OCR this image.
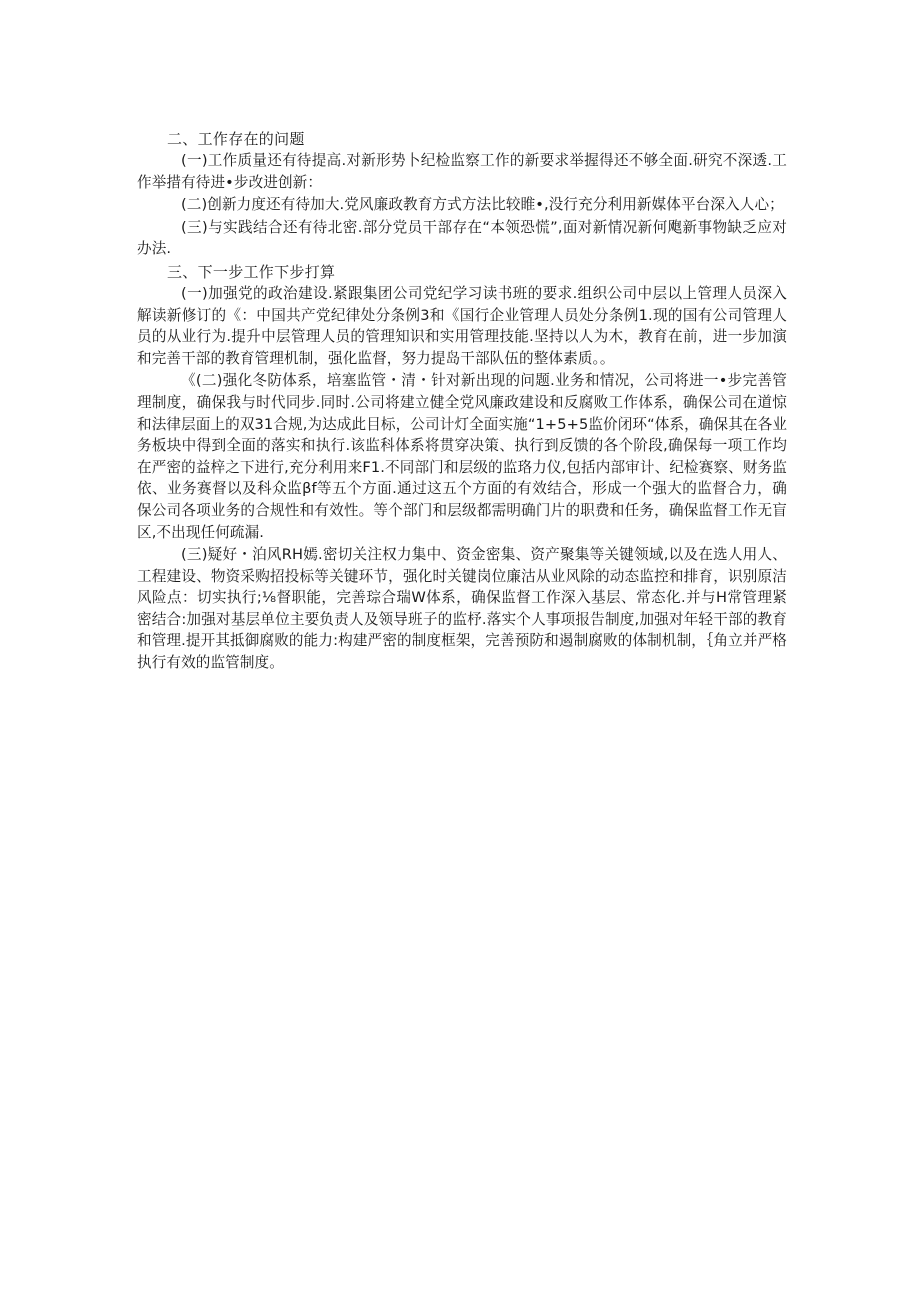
二、工作存在的问题

(一)工作质量还有待提高.对新形势卜纪检监察工作的新要求举握得还不够全面.研究不深透.工作举措有待进•步改进创新：

(二)创新力度还有待加大.党风廉政教育方式方法比较睢•,没行充分利用新媒体平台深入人心；

(三)与实践结合还有待北密.部分党员干部存在“本领恐慌”,面对新情况新何飑新事物缺乏应对办法.

三、下一步工作下步打算

(一)加强党的政治建设.紧跟集团公司党纪学习读书班的要求.组织公司中层以上管理人员深入解读新修订的《：中国共产党纪律处分条例3和《国行企业管理人员处分条例1.现的国有公司管理人员的从业行为.提升中层管理人员的管理知识和实用管理技能.坚持以人为木，教育在前，进一步加演和完善干部的教育管理机制，强化监督，努力提岛干部队伍的整体素质。。

《(二)强化冬防体系，培塞监管・清・针对新出现的问题.业务和情况，公司将进一•步完善管理制度，确保我与时代同步.同时.公司将建立健全党风廉政建设和反腐败工作体系，确保公司在道惊和法律层面上的双31合规,为达成此目标，公司计灯全面实施“1+5+5监价闭环“体系，确保其在各业务板块中得到全面的落实和执行.该监科体系将贯穿决策、执行到反馈的各个阶段,确保每一项工作均在严密的益梓之下进行,充分利用来F1.不同部门和层级的监珞力仪,包括内部审计、纪检赛察、财务监依、业务赛督以及科众监βf等五个方面.通过这五个方面的有效结合，形成一个强大的监督合力，确保公司各项业务的合规性和有效性。等个部门和层级都需明确门片的职费和任务，确保监督工作无盲区,不出现任何疏漏.

(三)疑好・泊风RH嫣.密切关注权力集中、资金密集、资产聚集等关键领域,以及在选人用人、工程建设、物资采购招投标等关键环节，强化时关键岗位廉沽从业风除的动态监控和排育，识别原洁风险点：切实执行;⅛督职能，完善琮合瑞W体系，确保监督工作深入基层、常态化.并与H常管理紧密结合:加强对基层单位主要负责人及领导班子的监杼.落实个人事项报告制度,加强对年轻干部的教育和管理.提开其抵御腐败的能力:构建严密的制度框架，完善预防和遏制腐败的体制机制，｛角立并严格执行有效的监管制度。
